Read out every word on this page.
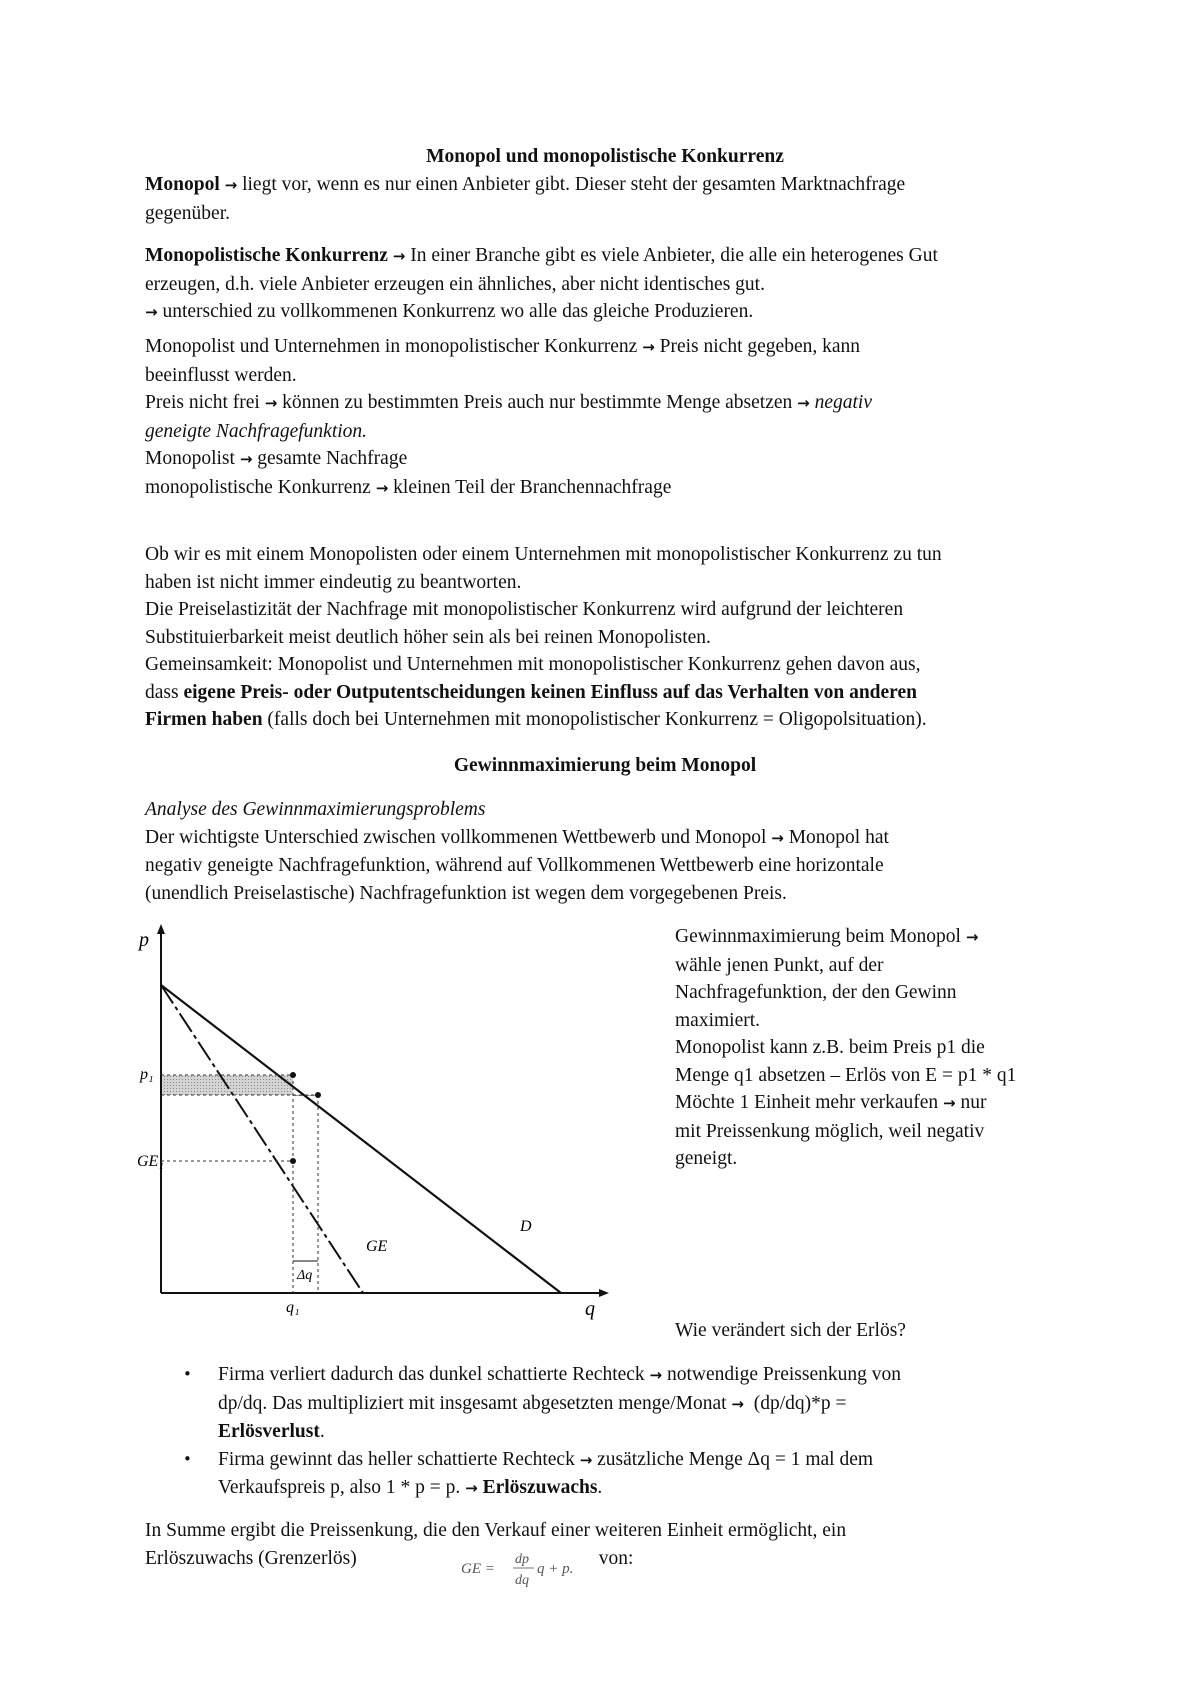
Monopol und monopolistische Konkurrenz
Monopol → liegt vor, wenn es nur einen Anbieter gibt. Dieser steht der gesamten Marktnachfrage
gegenüber.
Monopolistische Konkurrenz → In einer Branche gibt es viele Anbieter, die alle ein heterogenes Gut
erzeugen, d.h. viele Anbieter erzeugen ein ähnliches, aber nicht identisches gut.
→ unterschied zu vollkommenen Konkurrenz wo alle das gleiche Produzieren.
Monopolist und Unternehmen in monopolistischer Konkurrenz → Preis nicht gegeben, kann
beeinflusst werden.
Preis nicht frei → können zu bestimmten Preis auch nur bestimmte Menge absetzen → negativ
geneigte Nachfragefunktion.
Monopolist → gesamte Nachfrage
monopolistische Konkurrenz → kleinen Teil der Branchennachfrage
Ob wir es mit einem Monopolisten oder einem Unternehmen mit monopolistischer Konkurrenz zu tun
haben ist nicht immer eindeutig zu beantworten.
Die Preiselastizität der Nachfrage mit monopolistischer Konkurrenz wird aufgrund der leichteren
Substituierbarkeit meist deutlich höher sein als bei reinen Monopolisten.
Gemeinsamkeit: Monopolist und Unternehmen mit monopolistischer Konkurrenz gehen davon aus,
dass eigene Preis- oder Outputentscheidungen keinen Einfluss auf das Verhalten von anderen
Firmen haben (falls doch bei Unternehmen mit monopolistischer Konkurrenz = Oligopolsituation).
Gewinnmaximierung beim Monopol
Analyse des Gewinnmaximierungsproblems
Der wichtigste Unterschied zwischen vollkommenen Wettbewerb und Monopol → Monopol hat
negativ geneigte Nachfragefunktion, während auf Vollkommenen Wettbewerb eine horizontale
(unendlich Preiselastische) Nachfragefunktion ist wegen dem vorgegebenen Preis.
p
q
p₁
GE₁
q₁
Δq
GE
D
Gewinnmaximierung beim Monopol →
wähle jenen Punkt, auf der
Nachfragefunktion, der den Gewinn
maximiert.
Monopolist kann z.B. beim Preis p1 die
Menge q1 absetzen – Erlös von E = p1 * q1
Möchte 1 Einheit mehr verkaufen → nur
mit Preissenkung möglich, weil negativ
geneigt.
Wie verändert sich der Erlös?
• Firma verliert dadurch das dunkel schattierte Rechteck → notwendige Preissenkung von
dp/dq. Das multipliziert mit insgesamt abgesetzten menge/Monat → (dp/dq)*p =
Erlösverlust.
• Firma gewinnt das heller schattierte Rechteck → zusätzliche Menge Δq = 1 mal dem
Verkaufspreis p, also 1 * p = p. → Erlöszuwachs.
In Summe ergibt die Preissenkung, die den Verkauf einer weiteren Einheit ermöglicht, ein
Erlöszuwachs (Grenzerlös)	von:
GE =
dp
dq
q + p.
